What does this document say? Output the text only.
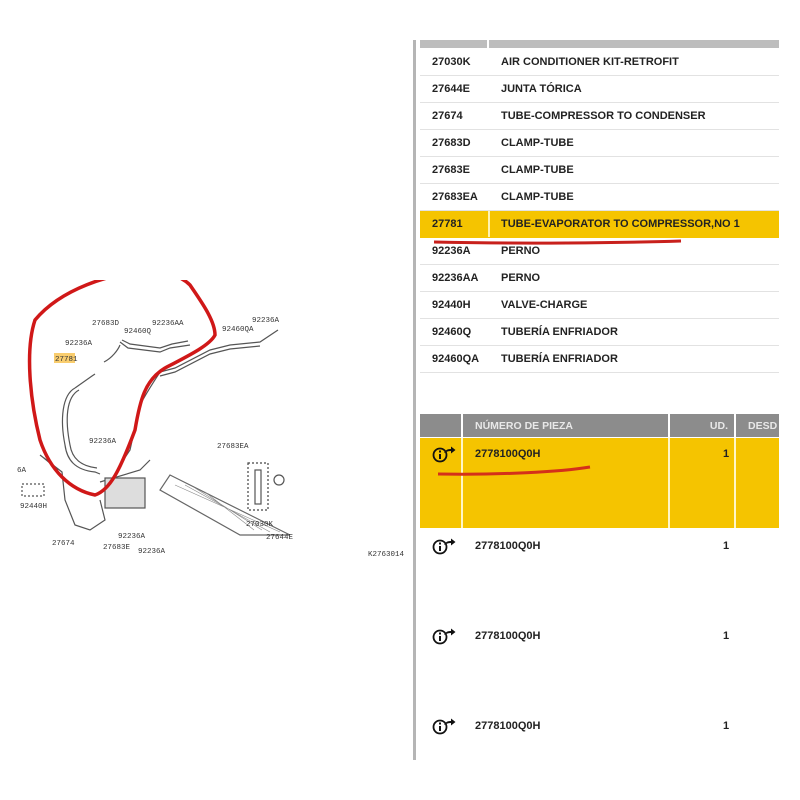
27683D
92460Q
92236AA	92236A
92460QA
92236A
27781
92236A
27683EA
6A
92440H
27674	27683E
92236A
92236A
27030K
27644E
K2763014
27030K	AIR CONDITIONER KIT-RETROFIT
27644E	JUNTA TÓRICA
27674	TUBE-COMPRESSOR TO CONDENSER
27683D	CLAMP-TUBE
27683E	CLAMP-TUBE
27683EA CLAMP-TUBE
27781	TUBE-EVAPORATOR TO COMPRESSOR,NO 1
92236A	PERNO
92236AA PERNO
92440H	VALVE-CHARGE
92460Q	TUBERÍA ENFRIADOR
92460QA TUBERÍA ENFRIADOR
NÚMERO DE PIEZA	UD. DESD
2778100Q0H	1
2778100Q0H	1
2778100Q0H	1
2778100Q0H	1
